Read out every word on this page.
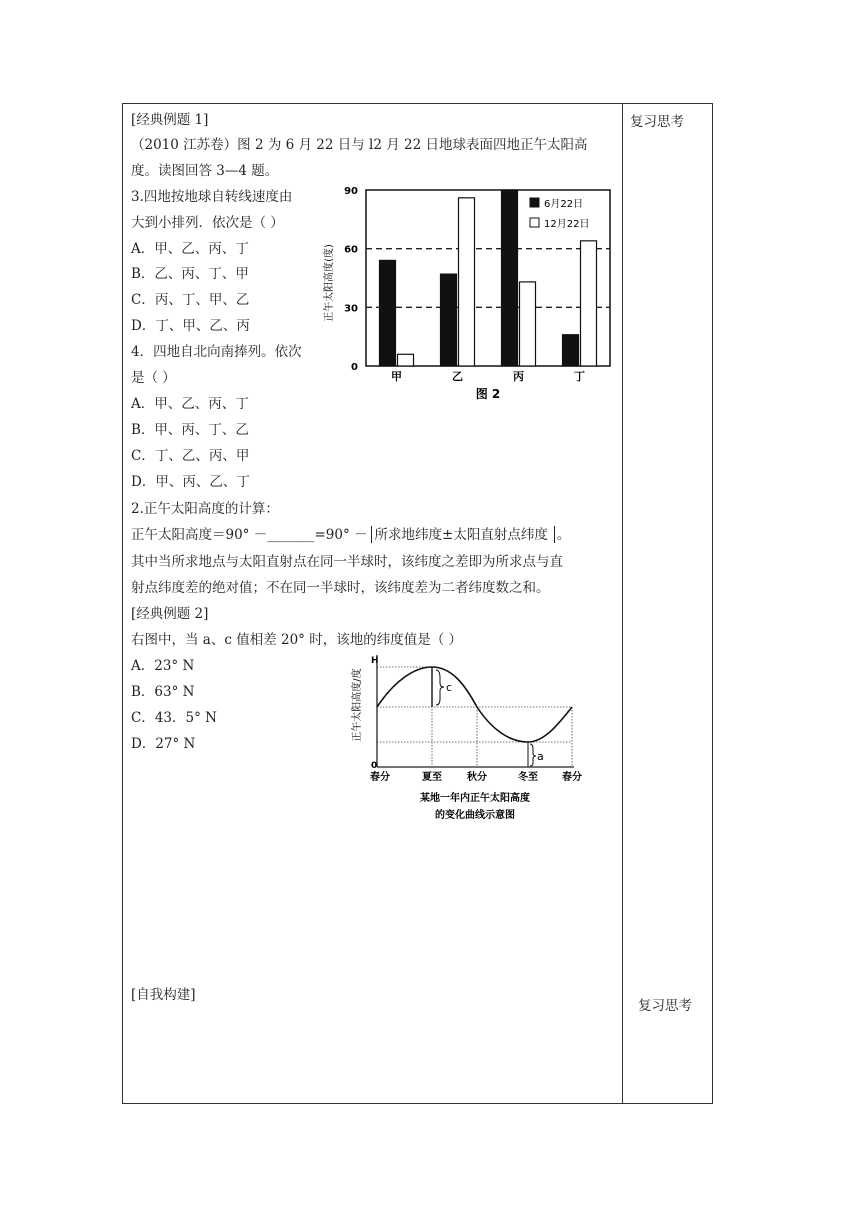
复习思考
复习思考
[经典例题 1]
（2010 江苏卷）图 2 为 6 月 22 日与 l2 月 22 日地球表面四地正午太阳高
度。读图回答 3—4 题。
3.四地按地球自转线速度由
大到小排列．依次是（ ）
A．甲、乙、丙、丁
B．乙、丙、丁、甲
C．丙、丁、甲、乙
D．丁、甲、乙、丙
4．四地自北向南捧列。依次
是（ ）
A．甲、乙、丙、丁
B．甲、丙、丁、乙
C．丁、乙、丙、甲
D．甲、丙、乙、丁
0
30
60
90
甲	乙	丙	丁
6月22日
12月22日
正午太阳高度(度)
图 2
2.正午太阳高度的计算：
正午太阳高度＝90° －_______=90° － 所求地纬度±太阳直射点纬度 。
其中当所求地点与太阳直射点在同一半球时，该纬度之差即为所求点与直
射点纬度差的绝对值；不在同一半球时，该纬度差为二者纬度数之和。
[经典例题 2]
右图中，当 a、c 值相差 20° 时，该地的纬度值是（ ）
A．23° N
B．63° N
C．43．5° N
D．27° N
正午太阳高度/度
H
0
c
a
春分	夏至	秋分	冬至 春分
某地一年内正午太阳高度
的变化曲线示意图
[自我构建]
